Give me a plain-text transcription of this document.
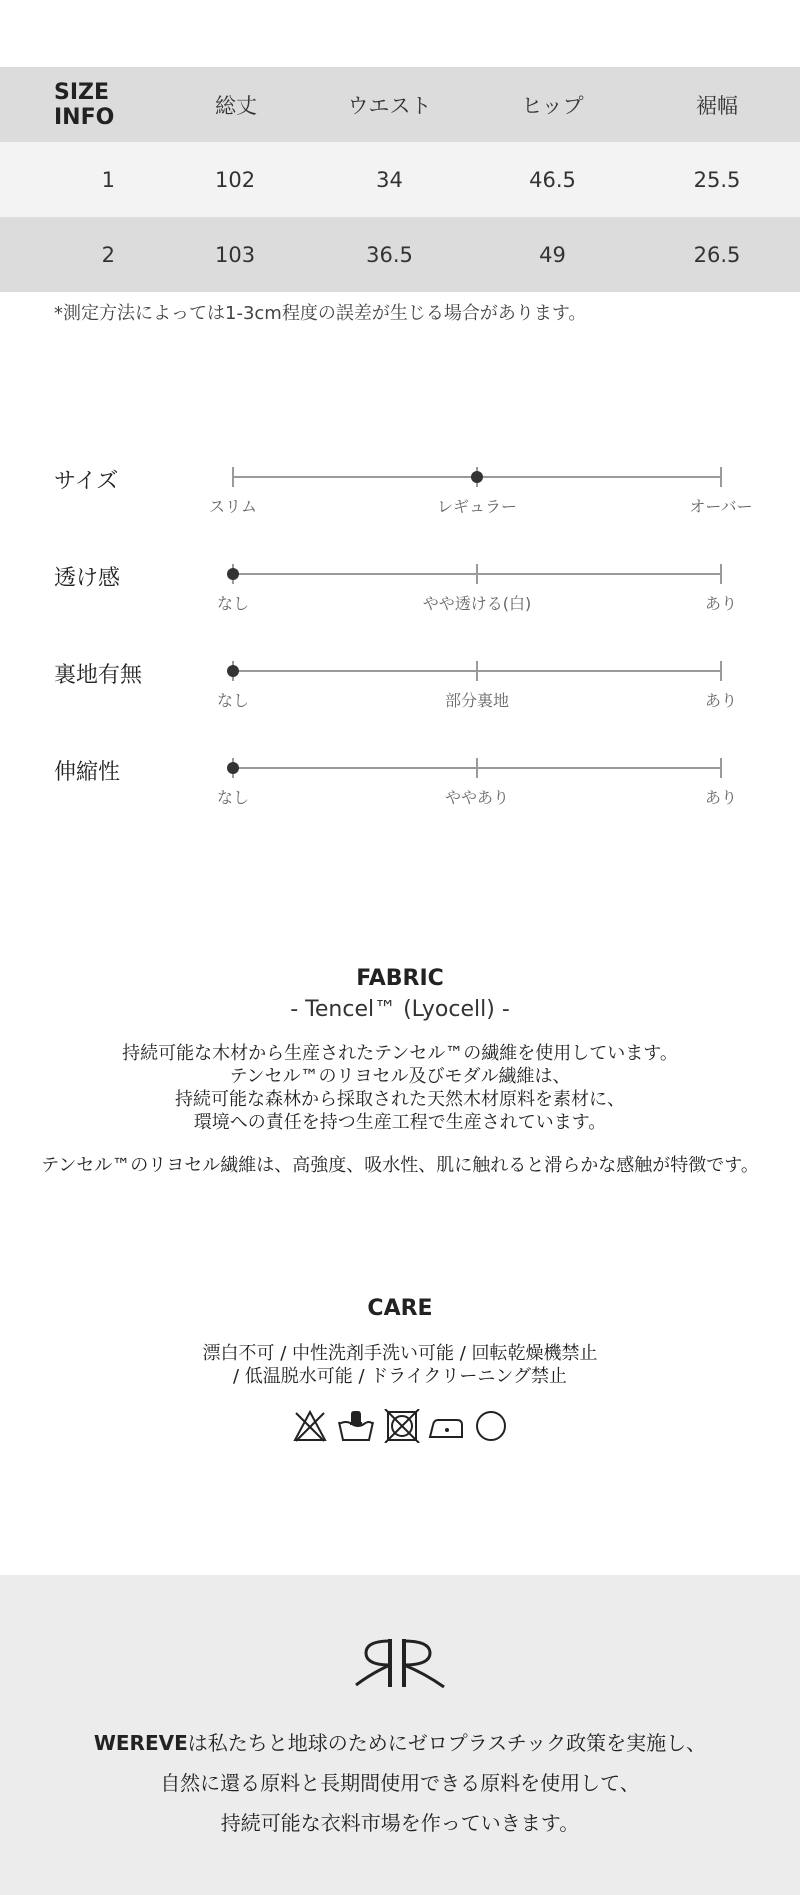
SIZE INFO	総丈	ウエスト	ヒップ	裾幅
1	102	34	46.5	25.5
2	103	36.5	49	26.5
*測定方法によっては1-3cm程度の誤差が生じる場合があります。
サイズ
スリム	レギュラー	オーバー
透け感
なし	やや透ける(白)	あり
裏地有無
なし	部分裏地	あり
伸縮性
なし	ややあり	あり
FABRIC
- Tencel™ (Lyocell) -
持続可能な木材から生産されたテンセル™の繊維を使用しています。
テンセル™のリヨセル及びモダル繊維は、
持続可能な森林から採取された天然木材原料を素材に、
環境への責任を持つ生産工程で生産されています。
テンセル™のリヨセル繊維は、高強度、吸水性、肌に触れると滑らかな感触が特徴です。
CARE
漂白不可 / 中性洗剤手洗い可能 / 回転乾燥機禁止
/ 低温脱水可能 / ドライクリーニング禁止
WEREVEは私たちと地球のためにゼロプラスチック政策を実施し、
自然に還る原料と長期間使用できる原料を使用して、
持続可能な衣料市場を作っていきます。
